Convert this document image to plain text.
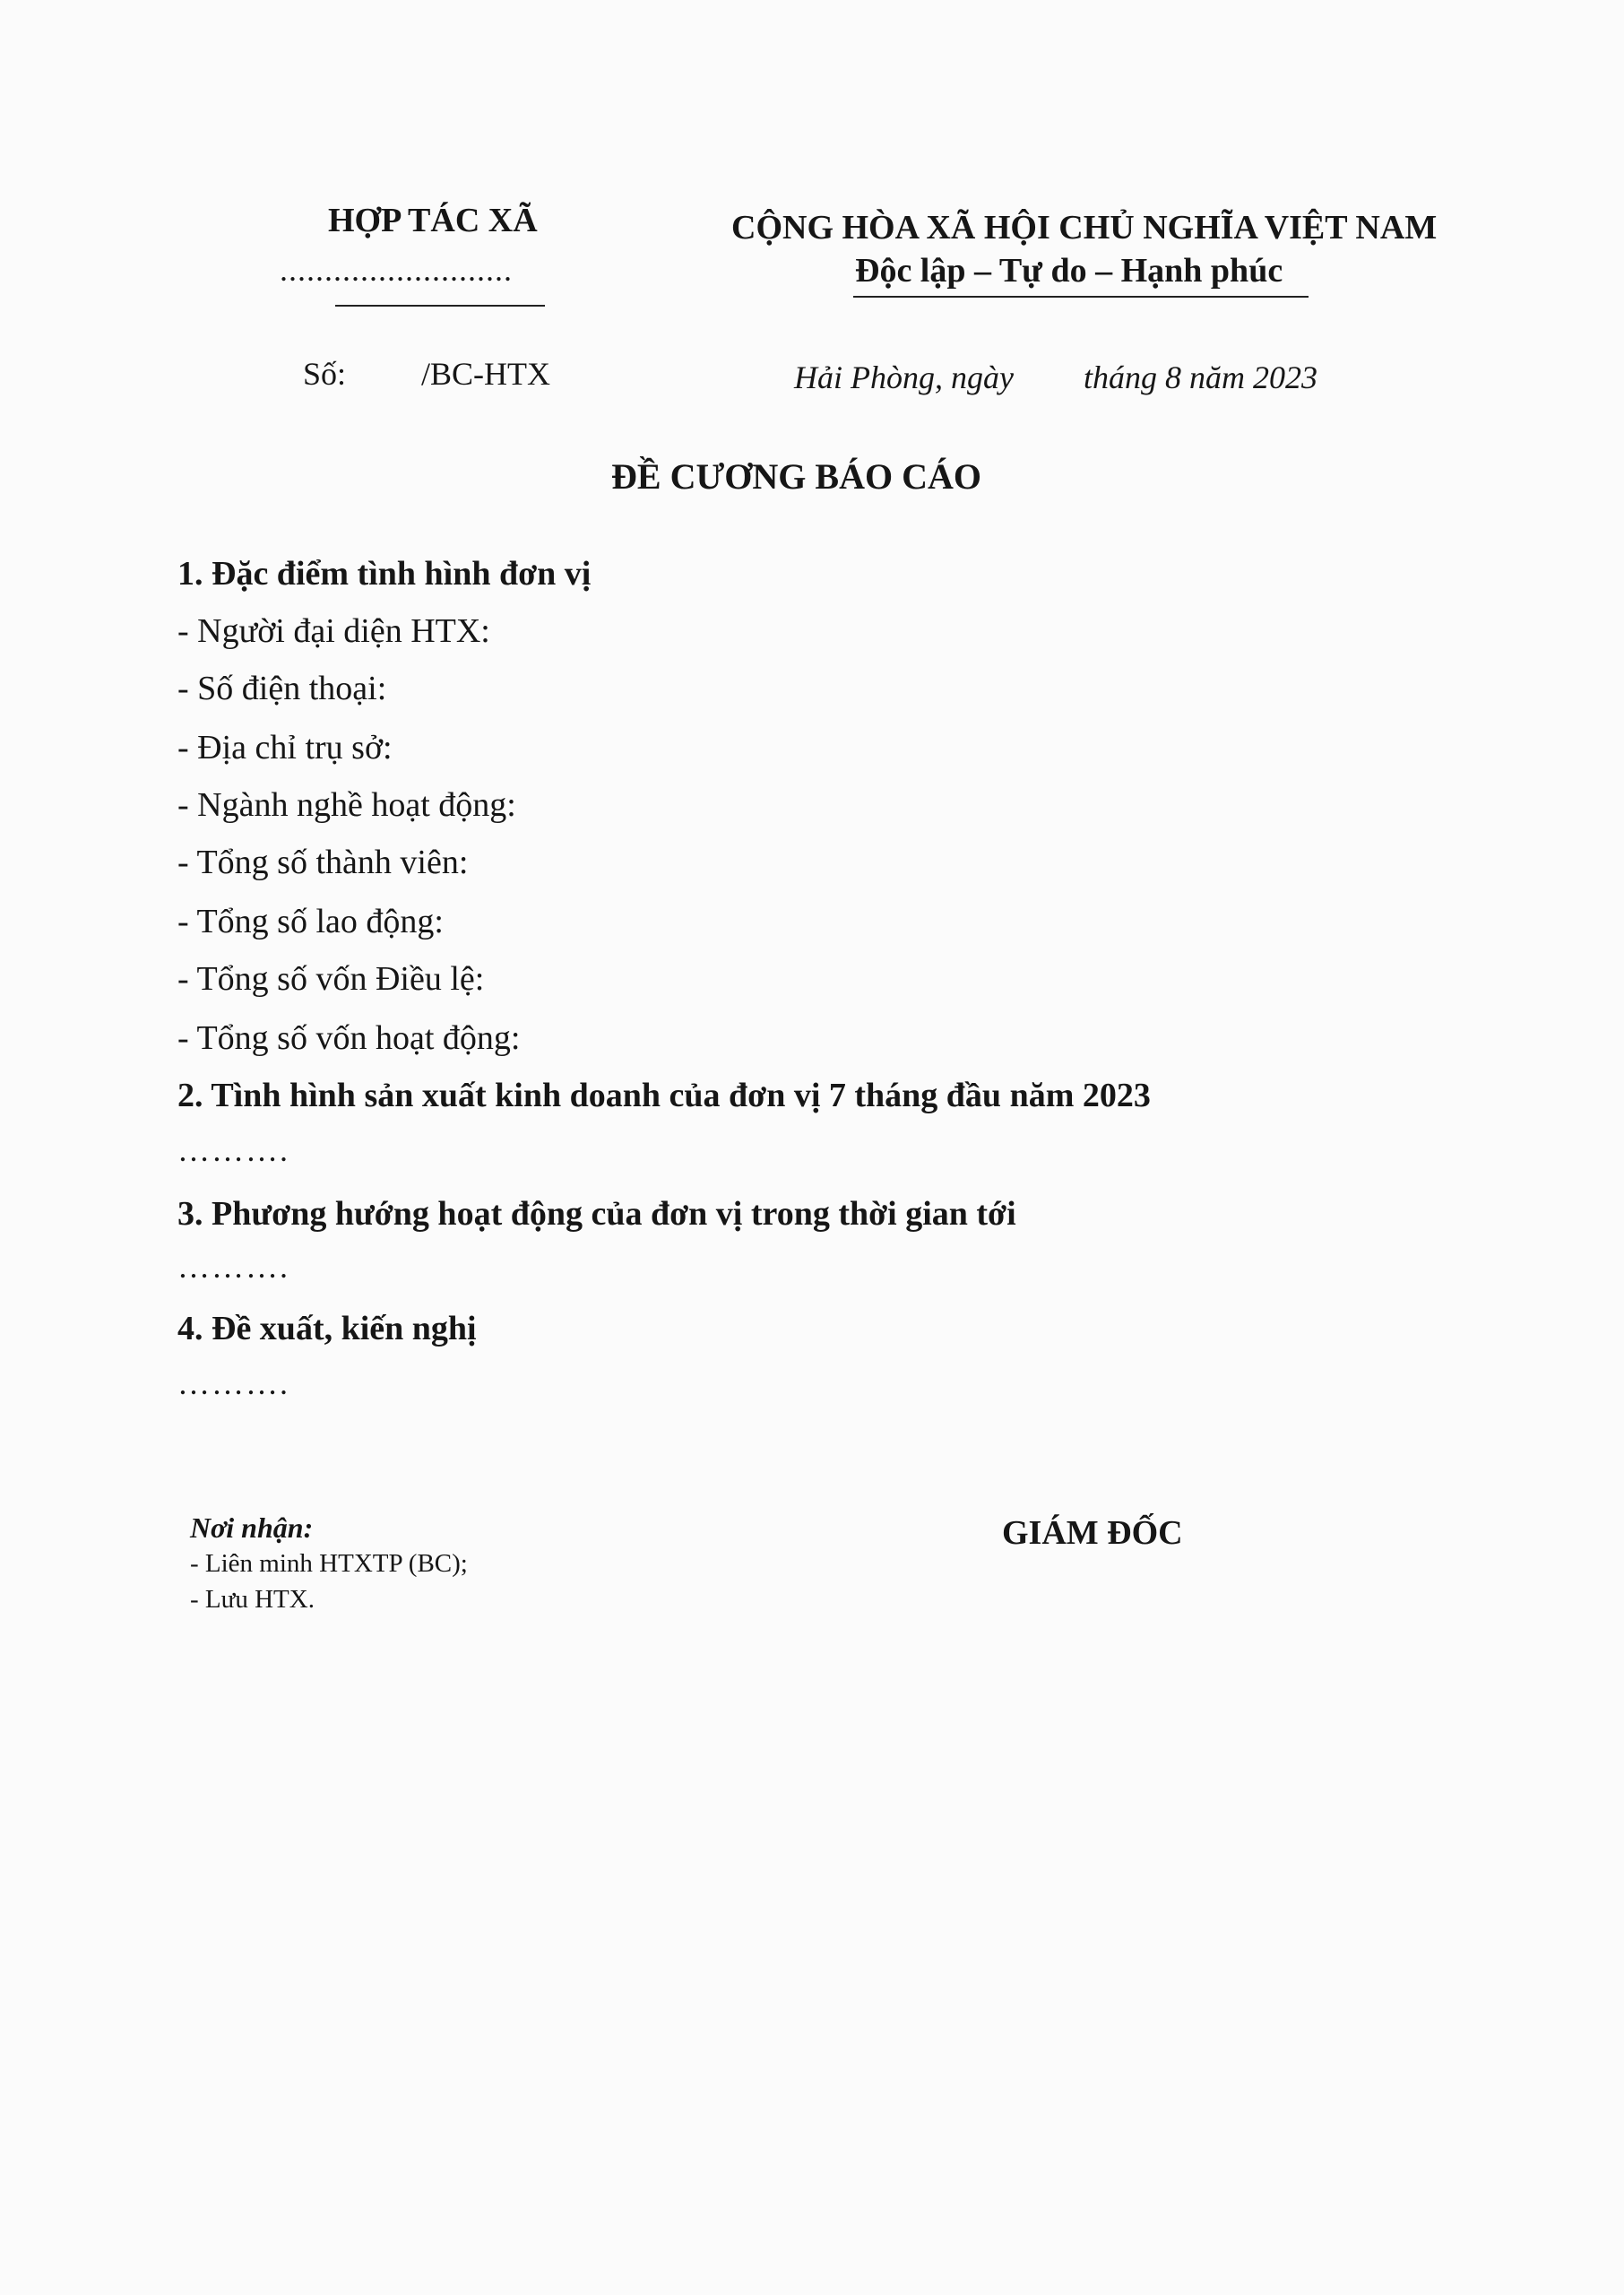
HỢP TÁC XÃ
..........................
CỘNG HÒA XÃ HỘI CHỦ NGHĨA VIỆT NAM
Độc lập – Tự do – Hạnh phúc
Số: /BC-HTX	Hải Phòng, ngày tháng 8 năm 2023
ĐỀ CƯƠNG BÁO CÁO
1. Đặc điểm tình hình đơn vị
- Người đại diện HTX:
- Số điện thoại:
- Địa chỉ trụ sở:
- Ngành nghề hoạt động:
- Tổng số thành viên:
- Tổng số lao động:
- Tổng số vốn Điều lệ:
- Tổng số vốn hoạt động:
2. Tình hình sản xuất kinh doanh của đơn vị 7 tháng đầu năm 2023
……….
3. Phương hướng hoạt động của đơn vị trong thời gian tới
……….
4. Đề xuất, kiến nghị
……….
Nơi nhận:
- Liên minh HTXTP (BC);
- Lưu HTX.
GIÁM ĐỐC
